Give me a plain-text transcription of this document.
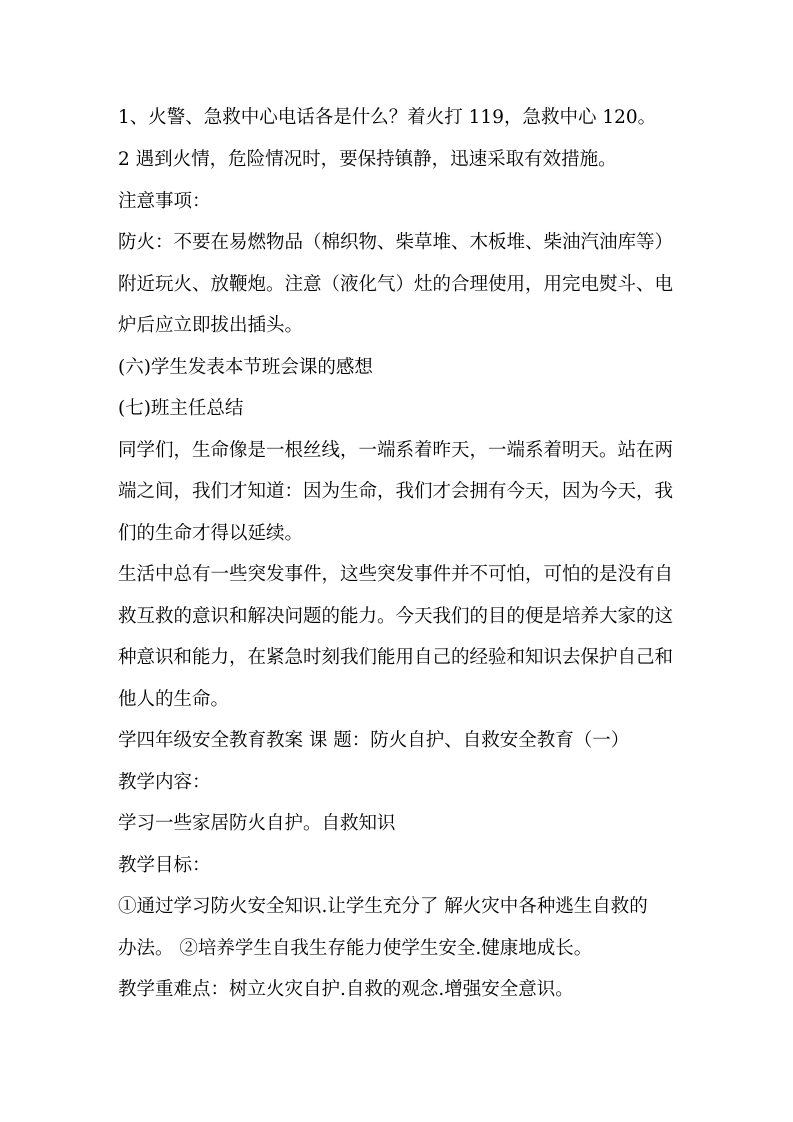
1、火警、急救中心电话各是什么？着火打 119，急救中心 120。
2 遇到火情，危险情况时，要保持镇静，迅速采取有效措施。
注意事项：
防火：不要在易燃物品（棉织物、柴草堆、木板堆、柴油汽油库等）
附近玩火、放鞭炮。注意（液化气）灶的合理使用，用完电熨斗、电
炉后应立即拔出插头。
(六)学生发表本节班会课的感想
(七)班主任总结
同学们，生命像是一根丝线，一端系着昨天，一端系着明天。站在两
端之间，我们才知道：因为生命，我们才会拥有今天，因为今天，我
们的生命才得以延续。
生活中总有一些突发事件，这些突发事件并不可怕，可怕的是没有自
救互救的意识和解决问题的能力。今天我们的目的便是培养大家的这
种意识和能力，在紧急时刻我们能用自己的经验和知识去保护自己和
他人的生命。
学四年级安全教育教案 课 题：防火自护、自救安全教育（一）
教学内容：
学习一些家居防火自护。自救知识
教学目标：
①通过学习防火安全知识.让学生充分了 解火灾中各种逃生自救的
办法。 ②培养学生自我生存能力使学生安全.健康地成长。
教学重难点：树立火灾自护.自救的观念.增强安全意识。
